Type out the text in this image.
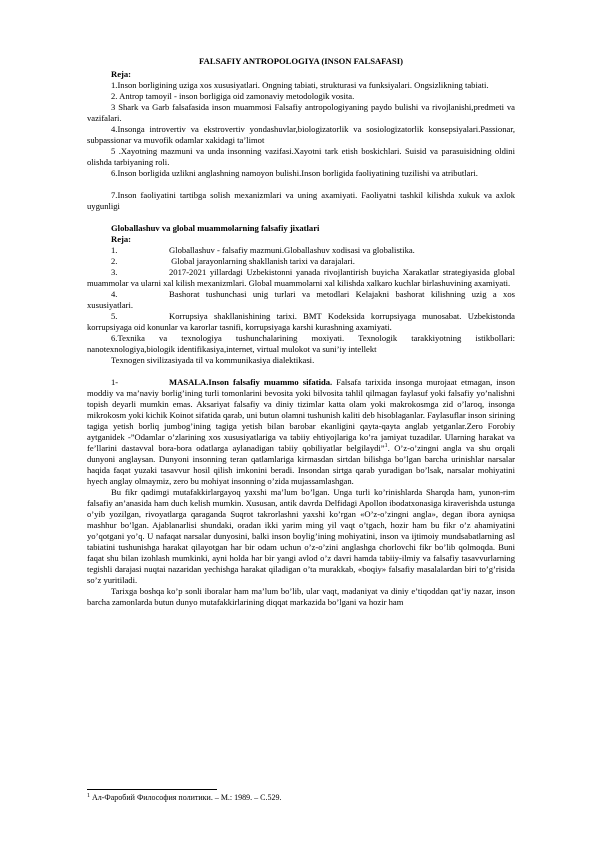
FALSAFIY ANTROPOLOGIYA (INSON FALSAFASI)
Reja:

1.Inson borligining uziga xos xususiyatlari. Ongning tabiati, strukturasi va funksiyalari. Ongsizlikning tabiati.

2. Antrop tamoyil - inson borligiga oid zamonaviy metodologik vosita.

3 Shark va Garb falsafasida inson muammosi Falsafiy antropologiyaning paydo bulishi va rivojlanishi,predmeti va vazifalari.

4.Insonga introvertiv va ekstrovertiv yondashuvlar,biologizatorlik va sosiologizatorlik konsepsiyalari.Passionar, subpassionar va muvofik odamlar xakidagi ta’limot

5 .Xayotning mazmuni va unda insonning vazifasi.Xayotni tark etish boskichlari. Suisid va parasuisidning oldini olishda tarbiyaning roli.

6.Inson borligida uzlikni anglashning namoyon bulishi.Inson borligida faoliyatining tuzilishi va atributlari.

7.Inson faoliyatini tartibga solish mexanizmlari va uning axamiyati. Faoliyatni tashkil kilishda xukuk va axlok uygunligi

Globallashuv va global muammolarning falsafiy jixatlari
Reja:

1.	Globallashuv - falsafiy mazmuni.Globallashuv xodisasi va globalistika.

2.	Global jarayonlarning shakllanish tarixi va darajalari.

3.	2017-2021 yillardagi Uzbekistonni yanada rivojlantirish buyicha Xarakatlar strategiyasida global muammolar va ularni xal kilish mexanizmlari. Global muammolarni xal kilishda xalkaro kuchlar birlashuvining axamiyati.

4.	Bashorat tushunchasi unig turlari va metodlari Kelajakni bashorat kilishning uzig a xos xususiyatlari.

5.	Korrupsiya shakllanishining tarixi. BMT Kodeksida korrupsiyaga munosabat. Uzbekistonda korrupsiyaga oid konunlar va karorlar tasnifi, korrupsiyaga karshi kurashning axamiyati.

6.Texnika va texnologiya tushunchalarining moxiyati. Texnologik tarakkiyotning istikbollari: nanotexnologiya,biologik identifikasiya,internet, virtual mulokot va suni’iy intellekt

Texnogen sivilizasiyada til va kommunikasiya dialektikasi.

1-	MASALA.Inson falsafiy muammo sifatida. Falsafa tarixida insonga murojaat etmagan, inson moddiy va ma’naviy borlig’ining turli tomonlarini bevosita yoki bilvosita tahlil qilmagan faylasuf yoki falsafiy yo’nalishni topish deyarli mumkin emas. Aksariyat falsafiy va diniy tizimlar katta olam yoki makrokosmga zid o’laroq, insonga mikrokosm yoki kichik Koinot sifatida qarab, uni butun olamni tushunish kaliti deb hisoblaganlar. Faylasuflar inson sirining tagiga yetish borliq jumbog’ining tagiga yetish bilan barobar ekanligini qayta-qayta anglab yetganlar.Zero Forobiy aytganidek -”Odamlar o’zlarining xos xususiyatlariga va tabiiy ehtiyojlariga ko’ra jamiyat tuzadilar. Ularning harakat va fe’llarini dastavval bora-bora odatlarga aylanadigan tabiiy qobiliyatlar belgilaydi”$^1$. O’z-o’zingni angla va shu orqali dunyoni anglaysan. Dunyoni insonning teran qatlamlariga kirmasdan sirtdan bilishga bo’lgan barcha urinishlar narsalar haqida faqat yuzaki tasavvur hosil qilish imkonini beradi. Insondan sirtga qarab yuradigan bo’lsak, narsalar mohiyatini hyech anglay olmaymiz, zero bu mohiyat insonning o’zida mujassamlashgan.

Bu fikr qadimgi mutafakkirlargayoq yaxshi ma’lum bo’lgan. Unga turli ko’rinishlarda Sharqda ham, yunon-rim falsafiy an’anasida ham duch kelish mumkin. Xususan, antik davrda Delfidagi Apollon ibodatxonasiga kiraverishda ustunga o’yib yozilgan, rivoyatlarga qaraganda Suqrot takrorlashni yaxshi ko’rgan «O’z-o’zingni angla», degan ibora ayniqsa mashhur bo’lgan. Ajablanarlisi shundaki, oradan ikki yarim ming yil vaqt o’tgach, hozir ham bu fikr o’z ahamiyatini yo’qotgani yo’q. U nafaqat narsalar dunyosini, balki inson boylig’ining mohiyatini, inson va ijtimoiy mundsabatlarning asl tabiatini tushunishga harakat qilayotgan har bir odam uchun o’z-o’zini anglashga chorlovchi fikr bo’lib qolmoqda. Buni faqat shu bilan izohlash mumkinki, ayni holda har bir yangi avlod o’z davri hamda tabiiy-ilmiy va falsafiy tasavvurlarning tegishli darajasi nuqtai nazaridan yechishga harakat qiladigan o’ta murakkab, «boqiy» falsafiy masalalardan biri to’g’risida so’z yuritiladi.

Tarixga boshqa ko’p sonli iboralar ham ma’lum bo’lib, ular vaqt, madaniyat va diniy e’tiqoddan qat’iy nazar, inson barcha zamonlarda butun dunyo mutafakkirlarining diqqat markazida bo’lgani va hozir ham

$^1$ Ал-Фаробий Философия политики. – М.: 1989. – С.529.
